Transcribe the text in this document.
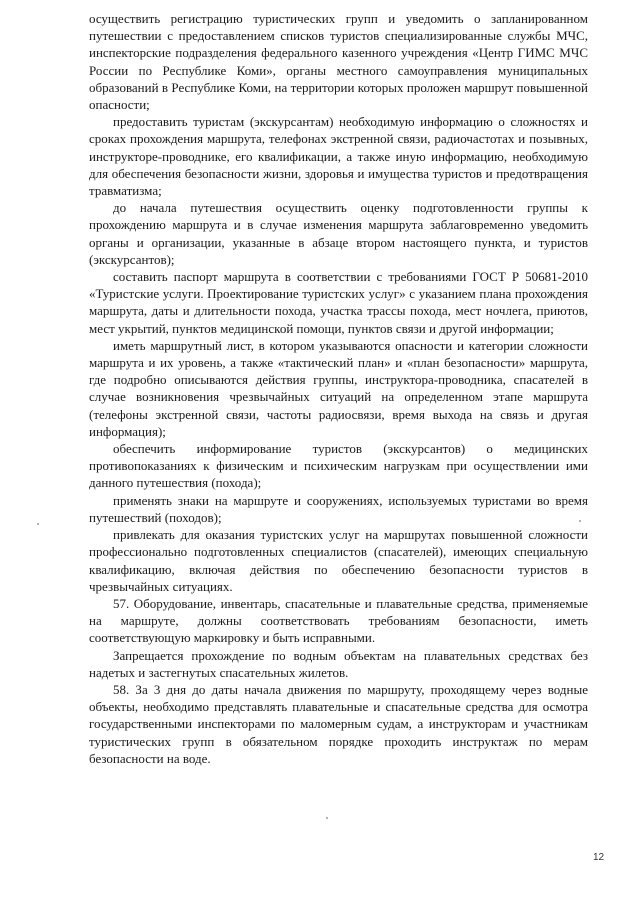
осуществить регистрацию туристических групп и уведомить о запланированном путешествии с предоставлением списков туристов специализированные службы МЧС, инспекторские подразделения федерального казенного учреждения «Центр ГИМС МЧС России по Республике Коми», органы местного самоуправления муниципальных образований в Республике Коми, на территории которых проложен маршрут повышенной опасности;

предоставить туристам (экскурсантам) необходимую информацию о сложностях и сроках прохождения маршрута, телефонах экстренной связи, радиочастотах и позывных, инструкторе-проводнике, его квалификации, а также иную информацию, необходимую для обеспечения безопасности жизни, здоровья и имущества туристов и предотвращения травматизма;

до начала путешествия осуществить оценку подготовленности группы к прохождению маршрута и в случае изменения маршрута заблаговременно уведомить органы и организации, указанные в абзаце втором настоящего пункта, и туристов (экскурсантов);

составить паспорт маршрута в соответствии с требованиями ГОСТ Р 50681-2010 «Туристские услуги. Проектирование туристских услуг» с указанием плана прохождения маршрута, даты и длительности похода, участка трассы похода, мест ночлега, приютов, мест укрытий, пунктов медицинской помощи, пунктов связи и другой информации;

иметь маршрутный лист, в котором указываются опасности и категории сложности маршрута и их уровень, а также «тактический план» и «план безопасности» маршрута, где подробно описываются действия группы, инструктора-проводника, спасателей в случае возникновения чрезвычайных ситуаций на определенном этапе маршрута (телефоны экстренной связи, частоты радиосвязи, время выхода на связь и другая информация);

обеспечить информирование туристов (экскурсантов) о медицинских противопоказаниях к физическим и психическим нагрузкам при осуществлении ими данного путешествия (похода);

применять знаки на маршруте и сооружениях, используемых туристами во время путешествий (походов);

привлекать для оказания туристских услуг на маршрутах повышенной сложности профессионально подготовленных специалистов (спасателей), имеющих специальную квалификацию, включая действия по обеспечению безопасности туристов в чрезвычайных ситуациях.

57. Оборудование, инвентарь, спасательные и плавательные средства, применяемые на маршруте, должны соответствовать требованиям безопасности, иметь соответствующую маркировку и быть исправными.

Запрещается прохождение по водным объектам на плавательных средствах без надетых и застегнутых спасательных жилетов.

58. За 3 дня до даты начала движения по маршруту, проходящему через водные объекты, необходимо представлять плавательные и спасательные средства для осмотра государственными инспекторами по маломерным судам, а инструкторам и участникам туристических групп в обязательном порядке проходить инструктаж по мерам безопасности на воде.

12
